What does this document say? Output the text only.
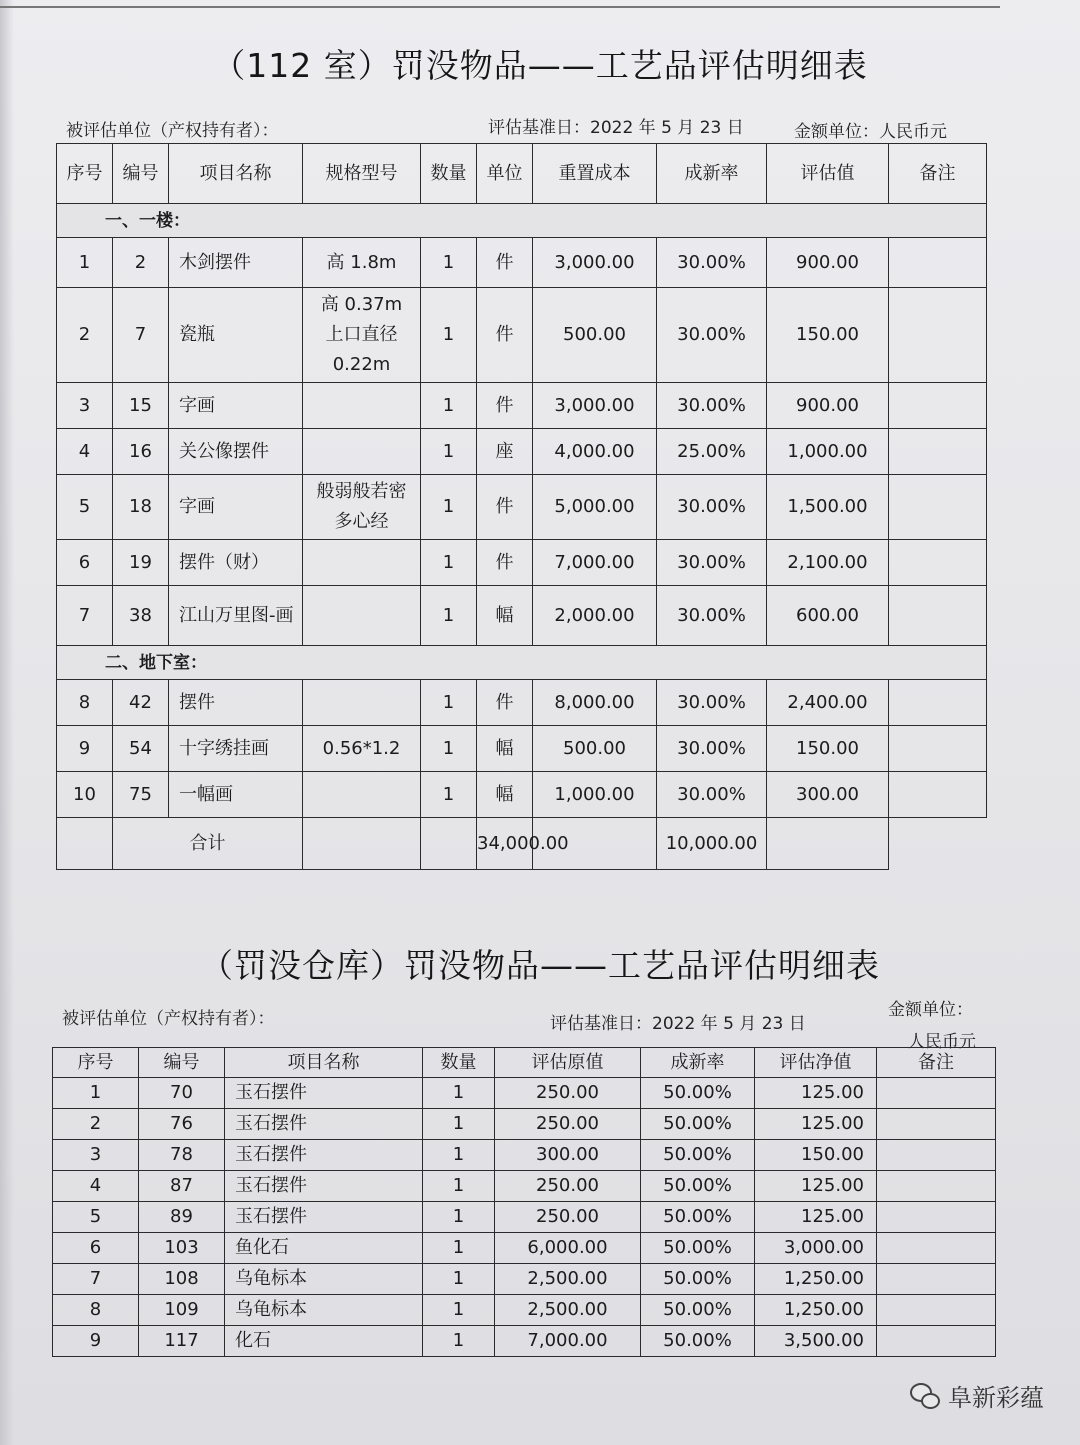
（112 室）罚没物品——工艺品评估明细表
被评估单位（产权持有者）：	评估基准日：2022 年 5 月 23 日	金额单位：人民币元
序号	编号	项目名称	规格型号	数量	单位	重置成本	成新率	评估值	备注
一、一楼：									
1	2	木剑摆件	高 1.8m	1	件	3,000.00	30.00%	900.00	
2	7	瓷瓶	高 0.37m 上口直径 0.22m	1	件	500.00	30.00%	150.00	
3	15	字画		1	件	3,000.00	30.00%	900.00	
4	16	关公像摆件		1	座	4,000.00	25.00%	1,000.00	
5	18	字画	般弱般若密多心经	1	件	5,000.00	30.00%	1,500.00	
6	19	摆件（财）		1	件	7,000.00	30.00%	2,100.00	
7	38	江山万里图-画		1	幅	2,000.00	30.00%	600.00	
二、地下室：									
8	42	摆件		1	件	8,000.00	30.00%	2,400.00	
9	54	十字绣挂画	0.56*1.2	1	幅	500.00	30.00%	150.00	
10	75	一幅画		1	幅	1,000.00	30.00%	300.00	
	合计				34,000.00		10,000.00		
（罚没仓库）罚没物品——工艺品评估明细表
被评估单位（产权持有者）：	评估基准日：2022 年 5 月 23 日
金额单位：
人民币元
序号	编号	项目名称	数量	评估原值	成新率	评估净值	备注
1	70	玉石摆件	1	250.00	50.00%	125.00	
2	76	玉石摆件	1	250.00	50.00%	125.00	
3	78	玉石摆件	1	300.00	50.00%	150.00	
4	87	玉石摆件	1	250.00	50.00%	125.00	
5	89	玉石摆件	1	250.00	50.00%	125.00	
6	103	鱼化石	1	6,000.00	50.00%	3,000.00	
7	108	乌龟标本	1	2,500.00	50.00%	1,250.00	
8	109	乌龟标本	1	2,500.00	50.00%	1,250.00	
9	117	化石	1	7,000.00	50.00%	3,500.00	
阜新彩蕴
